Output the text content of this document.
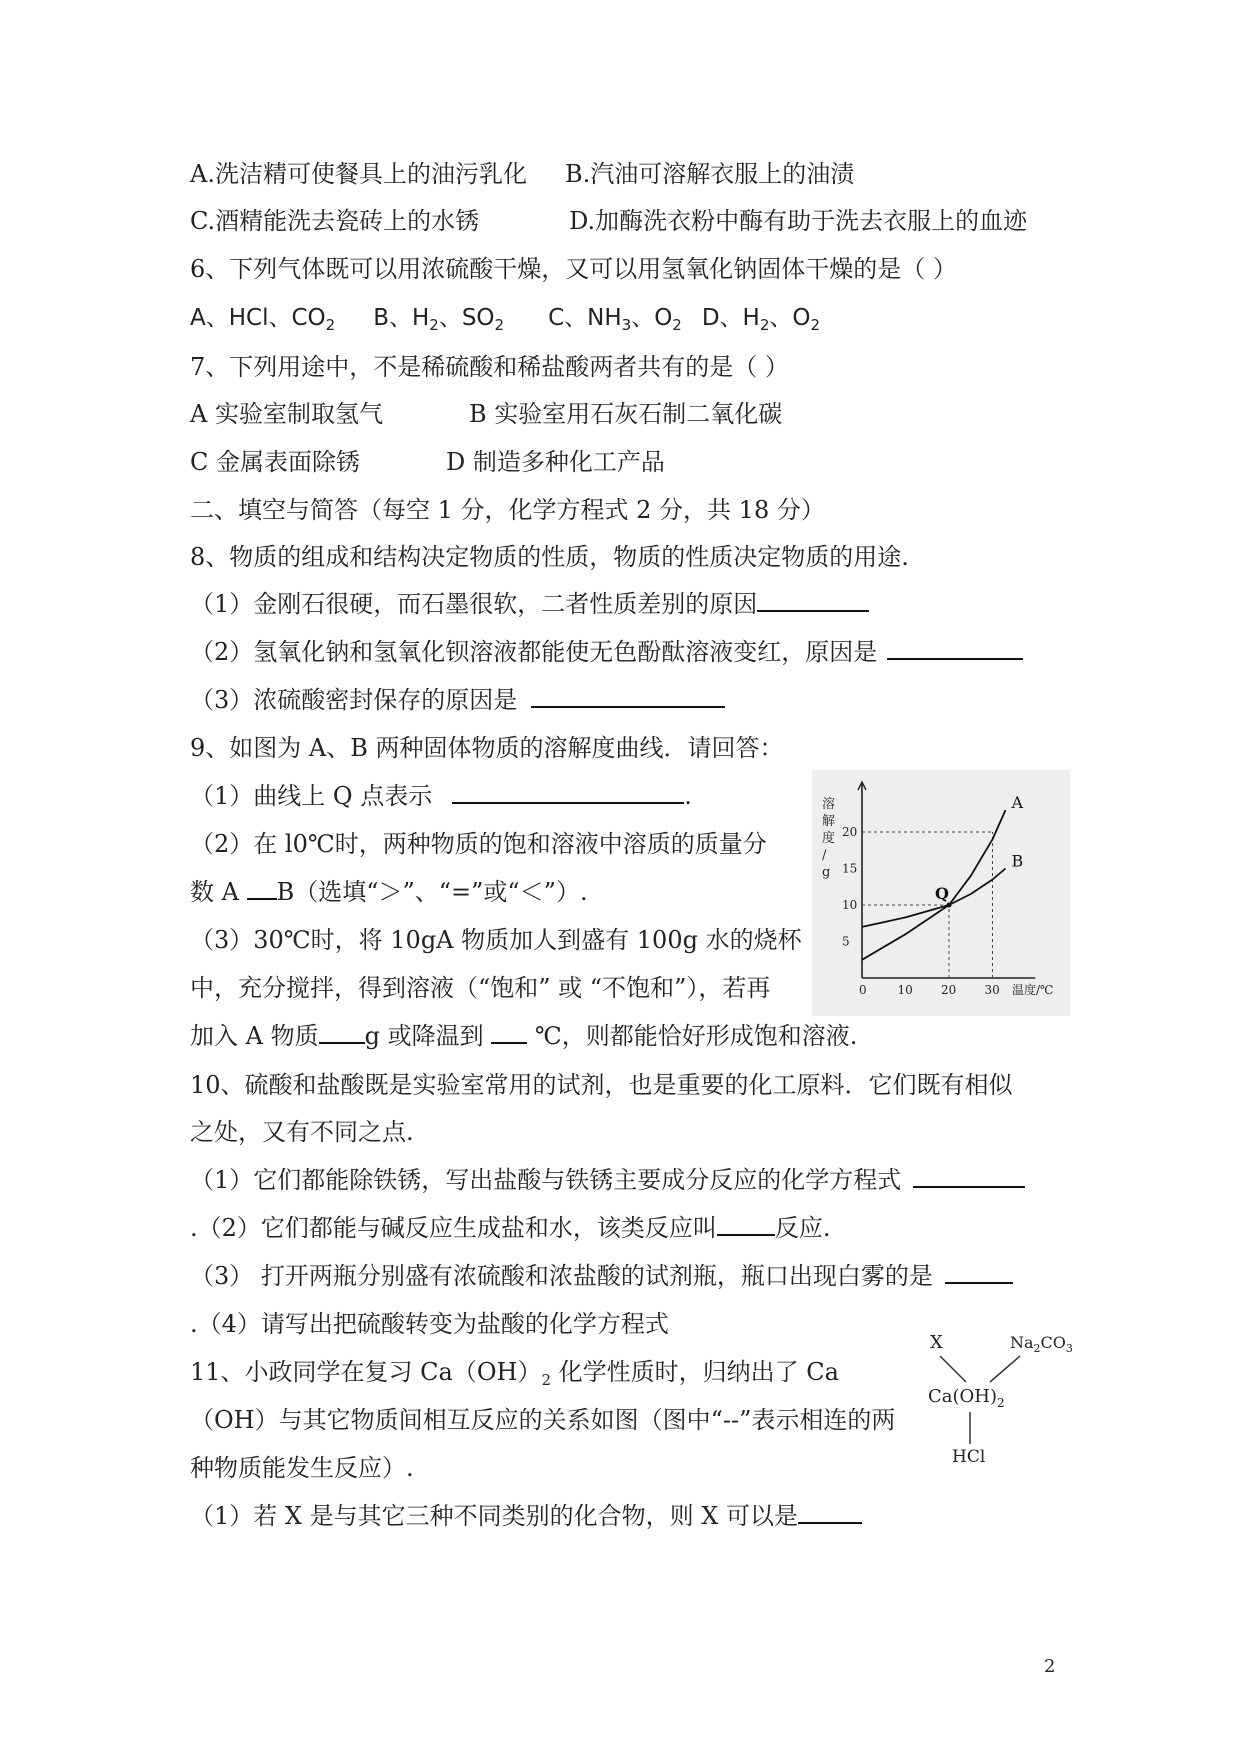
A.洗洁精可使餐具上的油污乳化 B.汽油可溶解衣服上的油渍
C.酒精能洗去瓷砖上的水锈	D.加酶洗衣粉中酶有助于洗去衣服上的血迹
6、下列气体既可以用浓硫酸干燥，又可以用氢氧化钠固体干燥的是（ ）
A、HCl、$CO_2$ B、$H_2$、$SO_2$ C、$NH_3$、$O_2$ D、$H_2$、$O_2$
7、下列用途中，不是稀硫酸和稀盐酸两者共有的是（ ）
A 实验室制取氢气	B 实验室用石灰石制二氧化碳
C 金属表面除锈	D 制造多种化工产品
二、填空与简答（每空 1 分，化学方程式 2 分，共 18 分）
8、物质的组成和结构决定物质的性质，物质的性质决定物质的用途.
（1）金刚石很硬，而石墨很软，二者性质差别的原因
（2）氢氧化钠和氢氧化钡溶液都能使无色酚酞溶液变红，原因是
（3）浓硫酸密封保存的原因是
9、如图为 A、B 两种固体物质的溶解度曲线．请回答：
（1）曲线上 Q 点表示	.
（2）在 l0℃时，两种物质的饱和溶液中溶质的质量分
数 A B（选填“＞”、“=”或“＜”）.
（3）30℃时，将 10gA 物质加人到盛有 100g 水的烧杯
中，充分搅拌，得到溶液（“饱和” 或 “不饱和”），若再
加入 A 物质 g 或降温到  ℃，则都能恰好形成饱和溶液.
0	10 20 30
5
10
15
20
溶
解
度
/
g
温度/℃
A
B
Q
10、硫酸和盐酸既是实验室常用的试剂，也是重要的化工原料．它们既有相似
之处，又有不同之点.
（1）它们都能除铁锈，写出盐酸与铁锈主要成分反应的化学方程式
.（2）它们都能与碱反应生成盐和水，该类反应叫 反应.
（3） 打开两瓶分别盛有浓硫酸和浓盐酸的试剂瓶，瓶口出现白雾的是
.（4）请写出把硫酸转变为盐酸的化学方程式
11、小政同学在复习 $Ca(OH)_2$ 化学性质时，归纳出了 Ca
（OH）与其它物质间相互反应的关系如图（图中“--”表示相连的两
种物质能发生反应）.
（1）若 X 是与其它三种不同类别的化合物，则 X 可以是
X	$Na_2CO_3$
$Ca(OH)_2$
HCl
2
